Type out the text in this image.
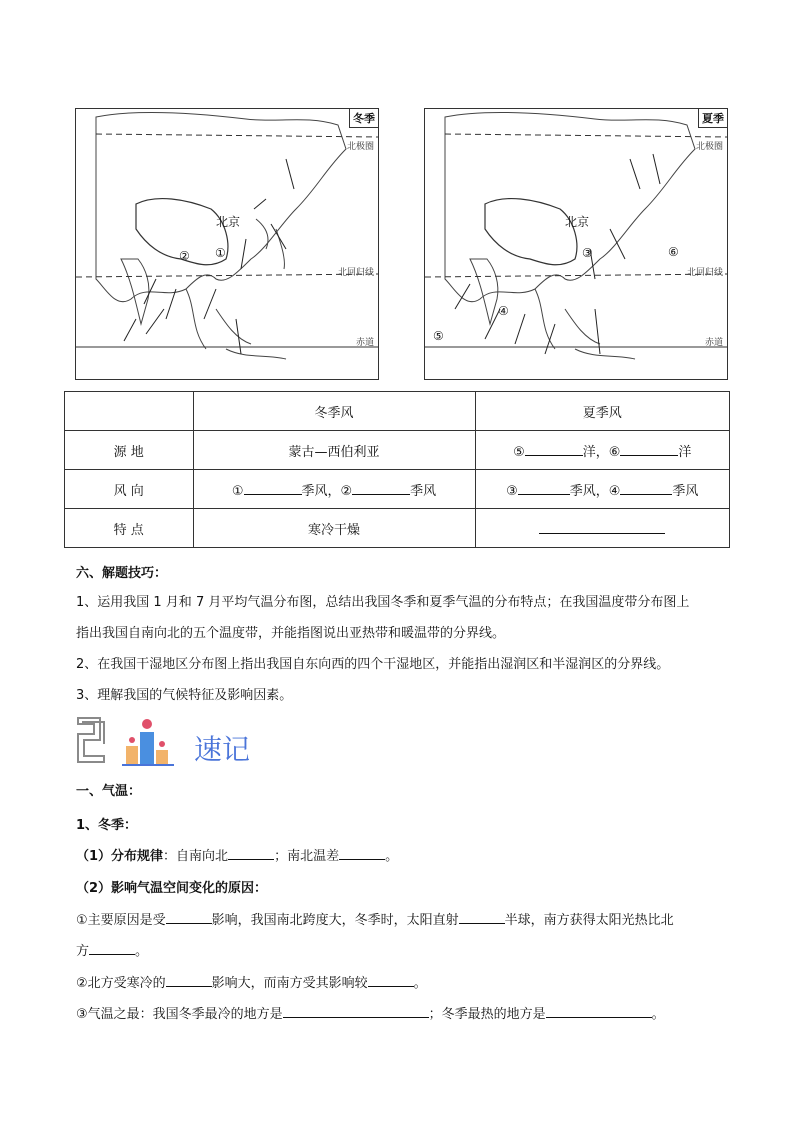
冬季
北极圈
北回归线
赤道
北京
①
②
夏季
北极圈
北回归线
赤道
北京
③
④
⑤
⑥
	冬季风	夏季风
源 地	蒙古—西伯利亚	⑤ 洋，⑥ 洋
风 向	① 季风，② 季风	③ 季风，④ 季风
特 点	寒冷干燥	
六、解题技巧：
1、运用我国 1 月和 7 月平均气温分布图，总结出我国冬季和夏季气温的分布特点；在我国温度带分布图上
指出我国自南向北的五个温度带，并能指图说出亚热带和暖温带的分界线。
2、在我国干湿地区分布图上指出我国自东向西的四个干湿地区，并能指出湿润区和半湿润区的分界线。
3、理解我国的气候特征及影响因素。
速记
一、气温：
1、冬季：
（1）分布规律：自南向北	；南北温差	。
（2）影响气温空间变化的原因：
①主要原因是受	影响，我国南北跨度大，冬季时，太阳直射	半球，南方获得太阳光热比北
方	。
②北方受寒冷的	影响大，而南方受其影响较	。
③气温之最：我国冬季最冷的地方是	；冬季最热的地方是	。
